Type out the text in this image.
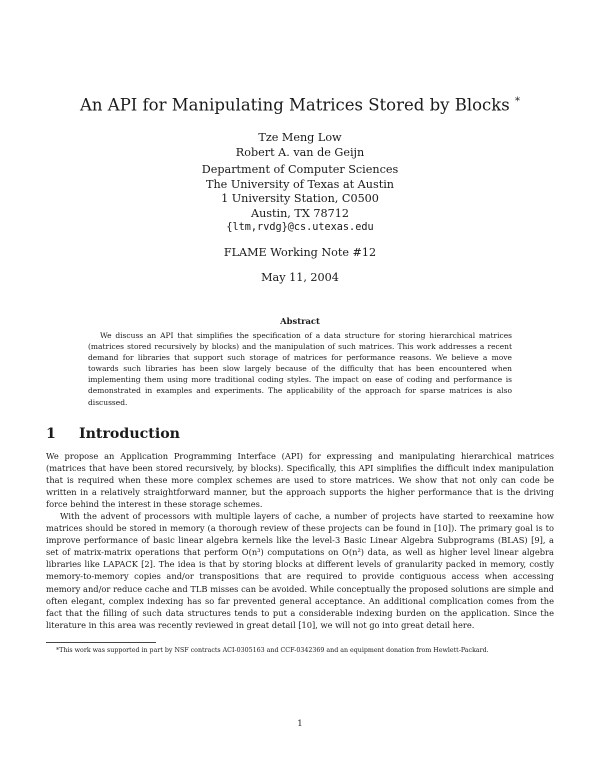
An API for Manipulating Matrices Stored by Blocks *
Tze Meng Low
Robert A. van de Geijn
Department of Computer Sciences
The University of Texas at Austin
1 University Station, C0500
Austin, TX 78712
{ltm,rvdg}@cs.utexas.edu
FLAME Working Note #12
May 11, 2004
Abstract
We discuss an API that simplifies the specification of a data structure for storing hierarchical matrices (matrices stored recursively by blocks) and the manipulation of such matrices. This work addresses a recent demand for libraries that support such storage of matrices for performance reasons. We believe a move towards such libraries has been slow largely because of the difficulty that has been encountered when implementing them using more traditional coding styles. The impact on ease of coding and performance is demonstrated in examples and experiments. The applicability of the approach for sparse matrices is also discussed.
1 Introduction

We propose an Application Programming Interface (API) for expressing and manipulating hierarchical matrices (matrices that have been stored recursively, by blocks). Specifically, this API simplifies the difficult index manipulation that is required when these more complex schemes are used to store matrices. We show that not only can code be written in a relatively straightforward manner, but the approach supports the higher performance that is the driving force behind the interest in these storage schemes.

With the advent of processors with multiple layers of cache, a number of projects have started to reexamine how matrices should be stored in memory (a thorough review of these projects can be found in [10]). The primary goal is to improve performance of basic linear algebra kernels like the level-3 Basic Linear Algebra Subprograms (BLAS) [9], a set of matrix-matrix operations that perform O(n³) computations on O(n²) data, as well as higher level linear algebra libraries like LAPACK [2]. The idea is that by storing blocks at different levels of granularity packed in memory, costly memory-to-memory copies and/or transpositions that are required to provide contiguous access when accessing memory and/or reduce cache and TLB misses can be avoided. While conceptually the proposed solutions are simple and often elegant, complex indexing has so far prevented general acceptance. An additional complication comes from the fact that the filling of such data structures tends to put a considerable indexing burden on the application. Since the literature in this area was recently reviewed in great detail [10], we will not go into great detail here.

*This work was supported in part by NSF contracts ACI-0305163 and CCF-0342369 and an equipment donation from Hewlett-Packard.
1
